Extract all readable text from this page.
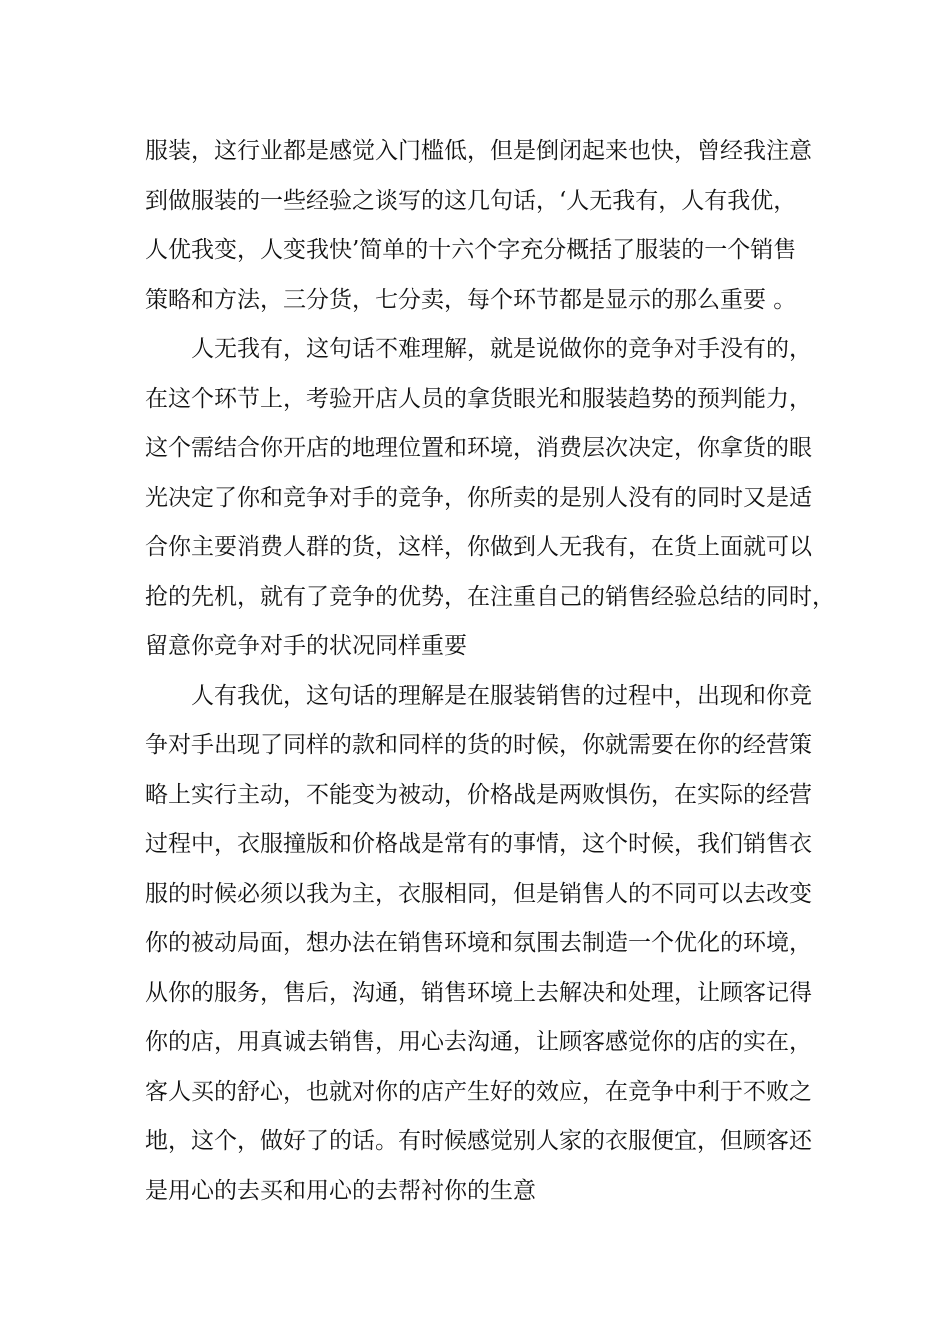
服装，这行业都是感觉入门槛低，但是倒闭起来也快，曾经我注意
到做服装的一些经验之谈写的这几句话，‘人无我有，人有我优，
人优我变，人变我快’简单的十六个字充分概括了服装的一个销售
策略和方法，三分货，七分卖，每个环节都是显示的那么重要 。
人无我有，这句话不难理解，就是说做你的竞争对手没有的，
在这个环节上，考验开店人员的拿货眼光和服装趋势的预判能力，
这个需结合你开店的地理位置和环境，消费层次决定，你拿货的眼
光决定了你和竞争对手的竞争，你所卖的是别人没有的同时又是适
合你主要消费人群的货，这样，你做到人无我有，在货上面就可以
抢的先机，就有了竞争的优势，在注重自己的销售经验总结的同时，
留意你竞争对手的状况同样重要
人有我优，这句话的理解是在服装销售的过程中，出现和你竞
争对手出现了同样的款和同样的货的时候，你就需要在你的经营策
略上实行主动，不能变为被动，价格战是两败惧伤，在实际的经营
过程中，衣服撞版和价格战是常有的事情，这个时候，我们销售衣
服的时候必须以我为主，衣服相同，但是销售人的不同可以去改变
你的被动局面，想办法在销售环境和氛围去制造一个优化的环境，
从你的服务，售后，沟通，销售环境上去解决和处理，让顾客记得
你的店，用真诚去销售，用心去沟通，让顾客感觉你的店的实在，
客人买的舒心，也就对你的店产生好的效应，在竞争中利于不败之
地，这个，做好了的话。有时候感觉别人家的衣服便宜，但顾客还
是用心的去买和用心的去帮衬你的生意
